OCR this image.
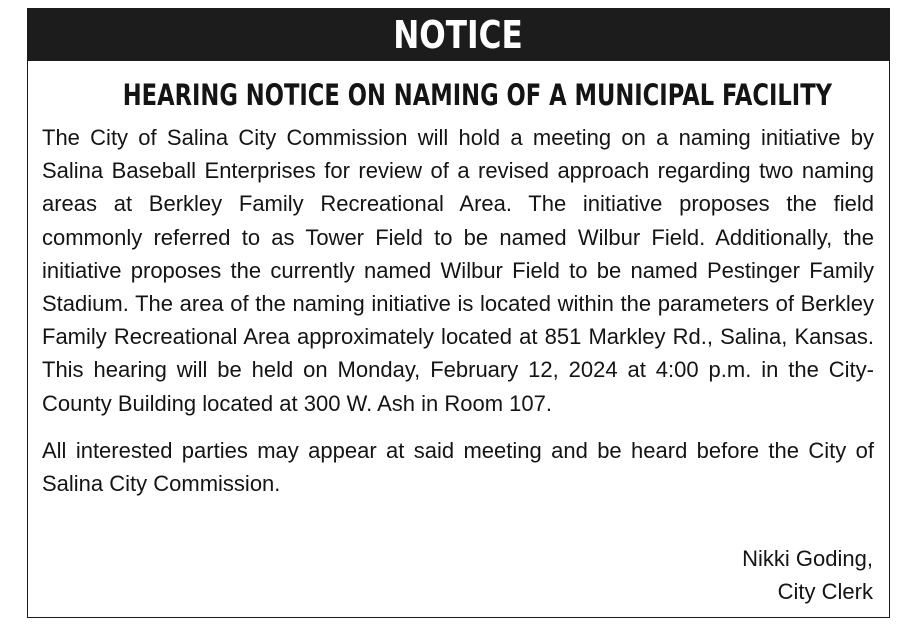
NOTICE
HEARING NOTICE ON NAMING OF A MUNICIPAL FACILITY

The City of Salina City Commission will hold a meeting on a naming initiative by Salina Baseball Enterprises for review of a revised approach regarding two naming areas at Berkley Family Recreational Area. The initiative proposes the field commonly referred to as Tower Field to be named Wilbur Field. Additionally, the initiative proposes the currently named Wilbur Field to be named Pestinger Family Stadium. The area of the naming initiative is located within the parameters of Berkley Family Recreational Area approximately located at 851 Markley Rd., Salina, Kansas. This hearing will be held on Monday, February 12, 2024 at 4:00 p.m. in the City-County Building located at 300 W. Ash in Room 107.

All interested parties may appear at said meeting and be heard before the City of Salina City Commission.

Nikki Goding,
City Clerk
